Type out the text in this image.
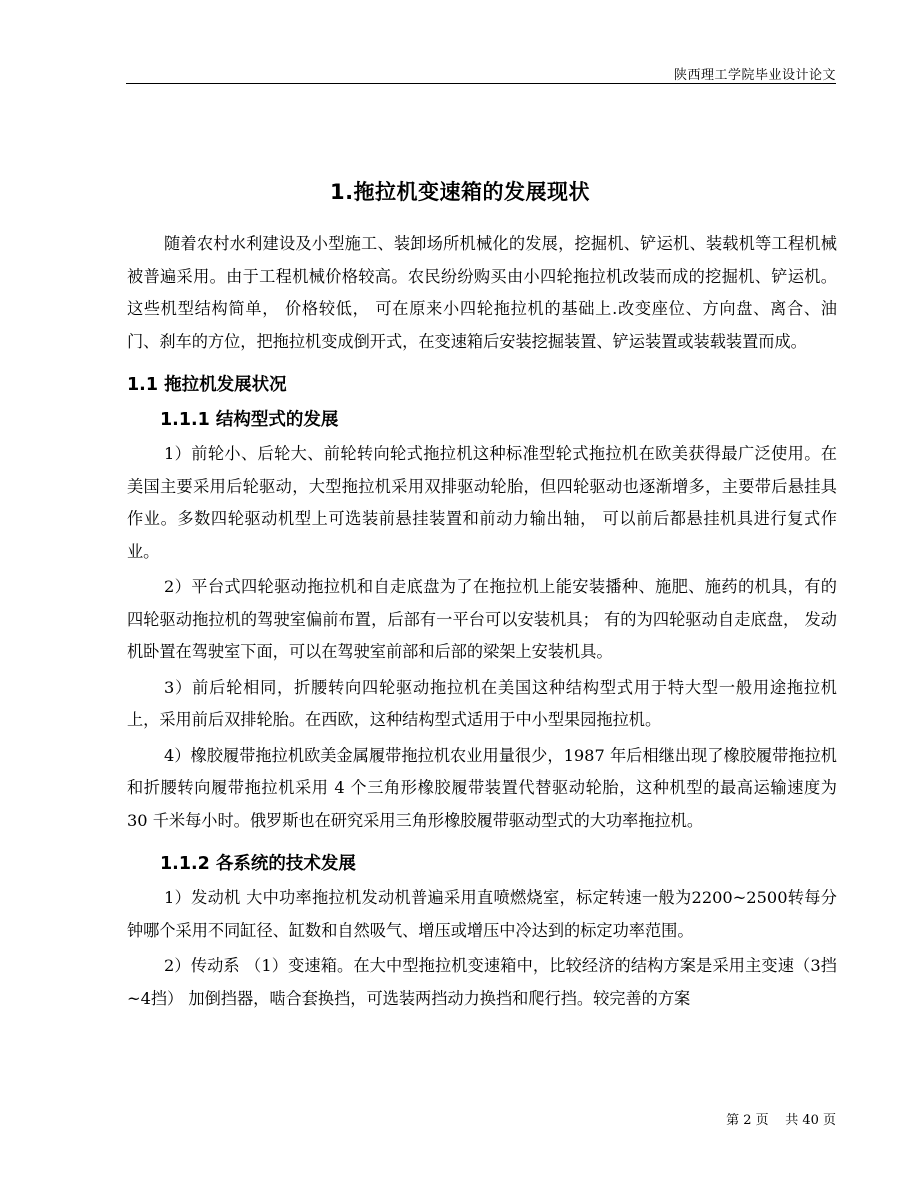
陕西理工学院毕业设计论文
1.拖拉机变速箱的发展现状

随着农村水利建设及小型施工、装卸场所机械化的发展，挖掘机、铲运机、装载机等工程机械被普遍采用。由于工程机械价格较高。农民纷纷购买由小四轮拖拉机改装而成的挖掘机、铲运机。这些机型结构简单， 价格较低， 可在原来小四轮拖拉机的基础上.改变座位、方向盘、离合、油门、刹车的方位，把拖拉机变成倒开式，在变速箱后安装挖掘装置、铲运装置或装载装置而成。

1.1 拖拉机发展状况
1.1.1 结构型式的发展

1）前轮小、后轮大、前轮转向轮式拖拉机这种标准型轮式拖拉机在欧美获得最广泛使用。在美国主要采用后轮驱动，大型拖拉机采用双排驱动轮胎，但四轮驱动也逐渐增多，主要带后悬挂具作业。多数四轮驱动机型上可选装前悬挂装置和前动力输出轴， 可以前后都悬挂机具进行复式作业。

2）平台式四轮驱动拖拉机和自走底盘为了在拖拉机上能安装播种、施肥、施药的机具，有的四轮驱动拖拉机的驾驶室偏前布置，后部有一平台可以安装机具； 有的为四轮驱动自走底盘， 发动机卧置在驾驶室下面，可以在驾驶室前部和后部的梁架上安装机具。

3）前后轮相同，折腰转向四轮驱动拖拉机在美国这种结构型式用于特大型一般用途拖拉机上，采用前后双排轮胎。在西欧，这种结构型式适用于中小型果园拖拉机。

4）橡胶履带拖拉机欧美金属履带拖拉机农业用量很少，1987 年后相继出现了橡胶履带拖拉机和折腰转向履带拖拉机采用 4 个三角形橡胶履带装置代替驱动轮胎，这种机型的最高运输速度为 30 千米每小时。俄罗斯也在研究采用三角形橡胶履带驱动型式的大功率拖拉机。

1.1.2 各系统的技术发展

1）发动机 大中功率拖拉机发动机普遍采用直喷燃烧室，标定转速一般为2200~2500转每分钟哪个采用不同缸径、缸数和自然吸气、增压或增压中冷达到的标定功率范围。

2）传动系 （1）变速箱。在大中型拖拉机变速箱中，比较经济的结构方案是采用主变速（3挡~4挡） 加倒挡器，啮合套换挡，可选装两挡动力换挡和爬行挡。较完善的方案

第 2 页 共 40 页
